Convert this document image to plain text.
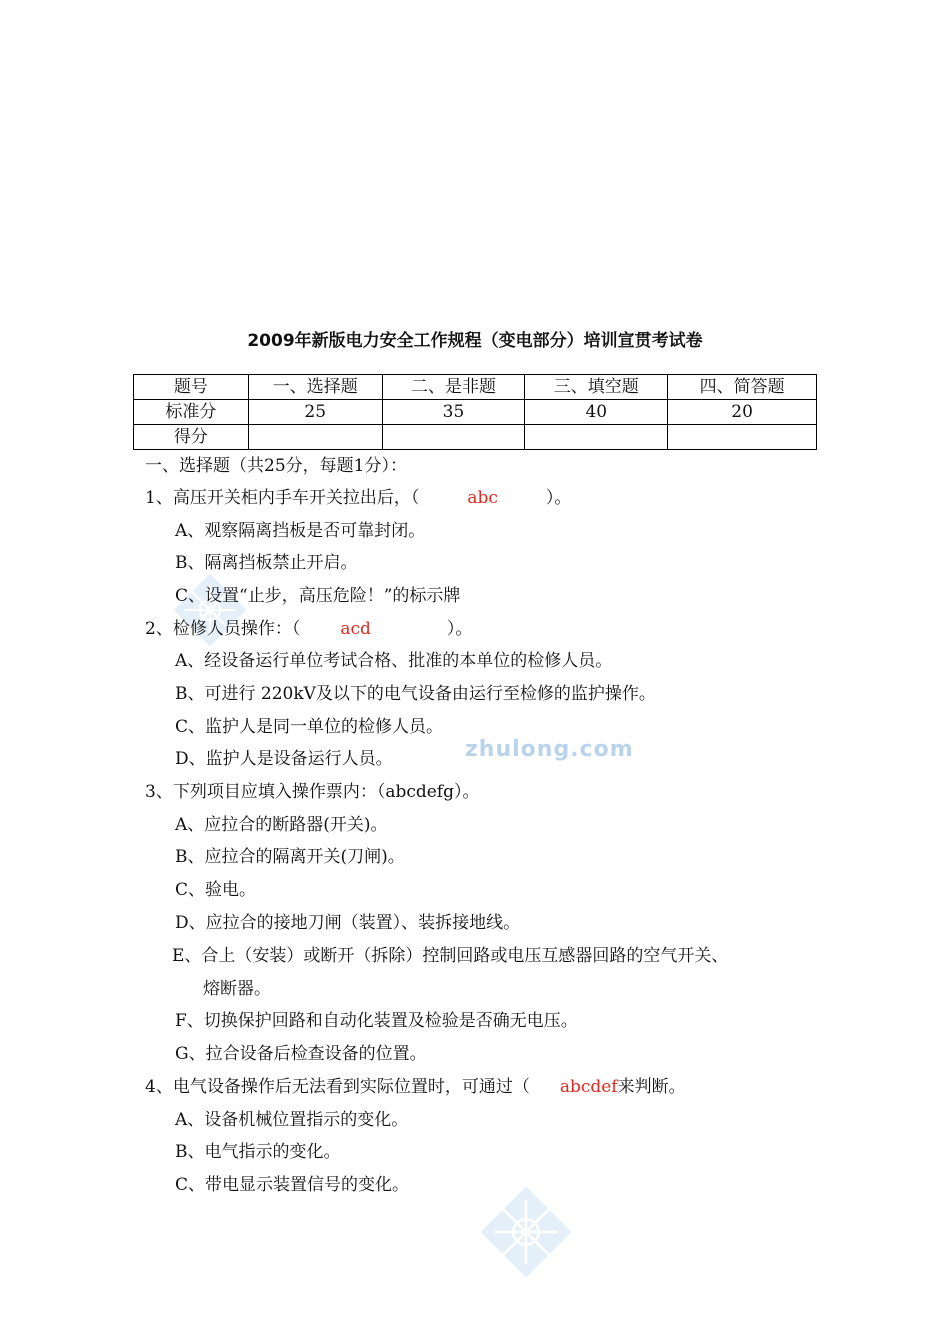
zhulong.com
2009年新版电力安全工作规程（变电部分）培训宣贯考试卷
题号	一、选择题	二、是非题	三、填空题	四、简答题
标准分	25	35	40	20
得分				
一、选择题（共25分，每题1分）：
1、高压开关柜内手车开关拉出后，（	abc	）。
A、观察隔离挡板是否可靠封闭。
B、隔离挡板禁止开启。
C、设置“止步，高压危险！”的标示牌
2、检修人员操作：（ acd	）。
A、经设备运行单位考试合格、批准的本单位的检修人员。
B、可进行 220kV及以下的电气设备由运行至检修的监护操作。
C、监护人是同一单位的检修人员。
D、监护人是设备运行人员。
3、下列项目应填入操作票内：（abcdefg）。
A、应拉合的断路器(开关)。
B、应拉合的隔离开关(刀闸)。
C、验电。
D、应拉合的接地刀闸（装置）、装拆接地线。
E、合上（安装）或断开（拆除）控制回路或电压互感器回路的空气开关、
熔断器。
F、切换保护回路和自动化装置及检验是否确无电压。
G、拉合设备后检查设备的位置。
4、电气设备操作后无法看到实际位置时，可通过（ abcdef来判断。
A、设备机械位置指示的变化。
B、电气指示的变化。
C、带电显示装置信号的变化。
